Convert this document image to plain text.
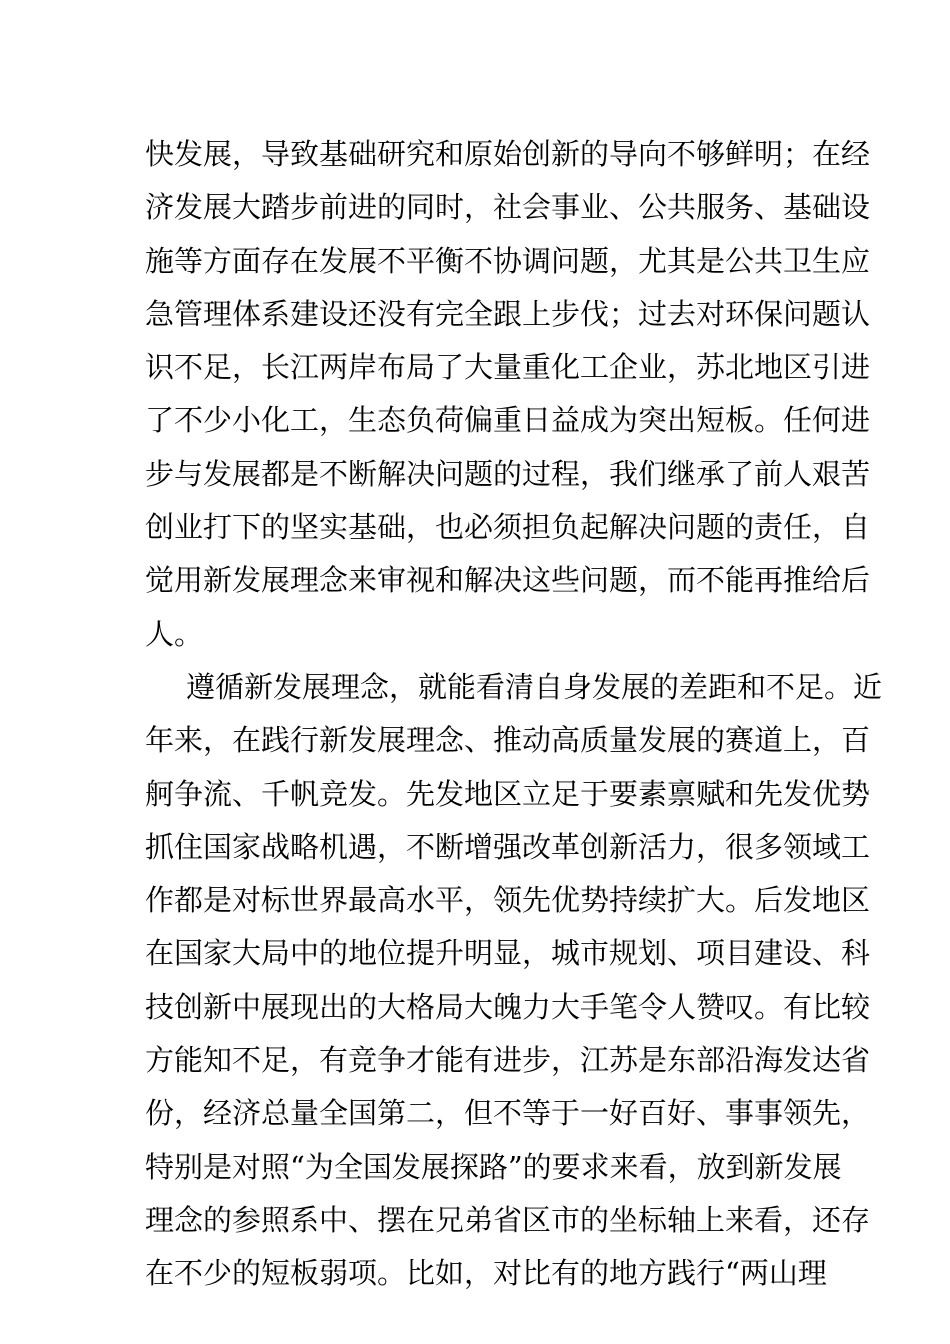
快发展，导致基础研究和原始创新的导向不够鲜明；在经
济发展大踏步前进的同时，社会事业、公共服务、基础设
施等方面存在发展不平衡不协调问题，尤其是公共卫生应
急管理体系建设还没有完全跟上步伐；过去对环保问题认
识不足，长江两岸布局了大量重化工企业，苏北地区引进
了不少小化工，生态负荷偏重日益成为突出短板。任何进
步与发展都是不断解决问题的过程，我们继承了前人艰苦
创业打下的坚实基础，也必须担负起解决问题的责任，自
觉用新发展理念来审视和解决这些问题，而不能再推给后
人。
遵循新发展理念，就能看清自身发展的差距和不足。近
年来，在践行新发展理念、推动高质量发展的赛道上，百
舸争流、千帆竞发。先发地区立足于要素禀赋和先发优势
抓住国家战略机遇，不断增强改革创新活力，很多领域工
作都是对标世界最高水平，领先优势持续扩大。后发地区
在国家大局中的地位提升明显，城市规划、项目建设、科
技创新中展现出的大格局大魄力大手笔令人赞叹。有比较
方能知不足，有竞争才能有进步，江苏是东部沿海发达省
份，经济总量全国第二，但不等于一好百好、事事领先，
特别是对照“为全国发展探路”的要求来看，放到新发展
理念的参照系中、摆在兄弟省区市的坐标轴上来看，还存
在不少的短板弱项。比如，对比有的地方践行“两山理
